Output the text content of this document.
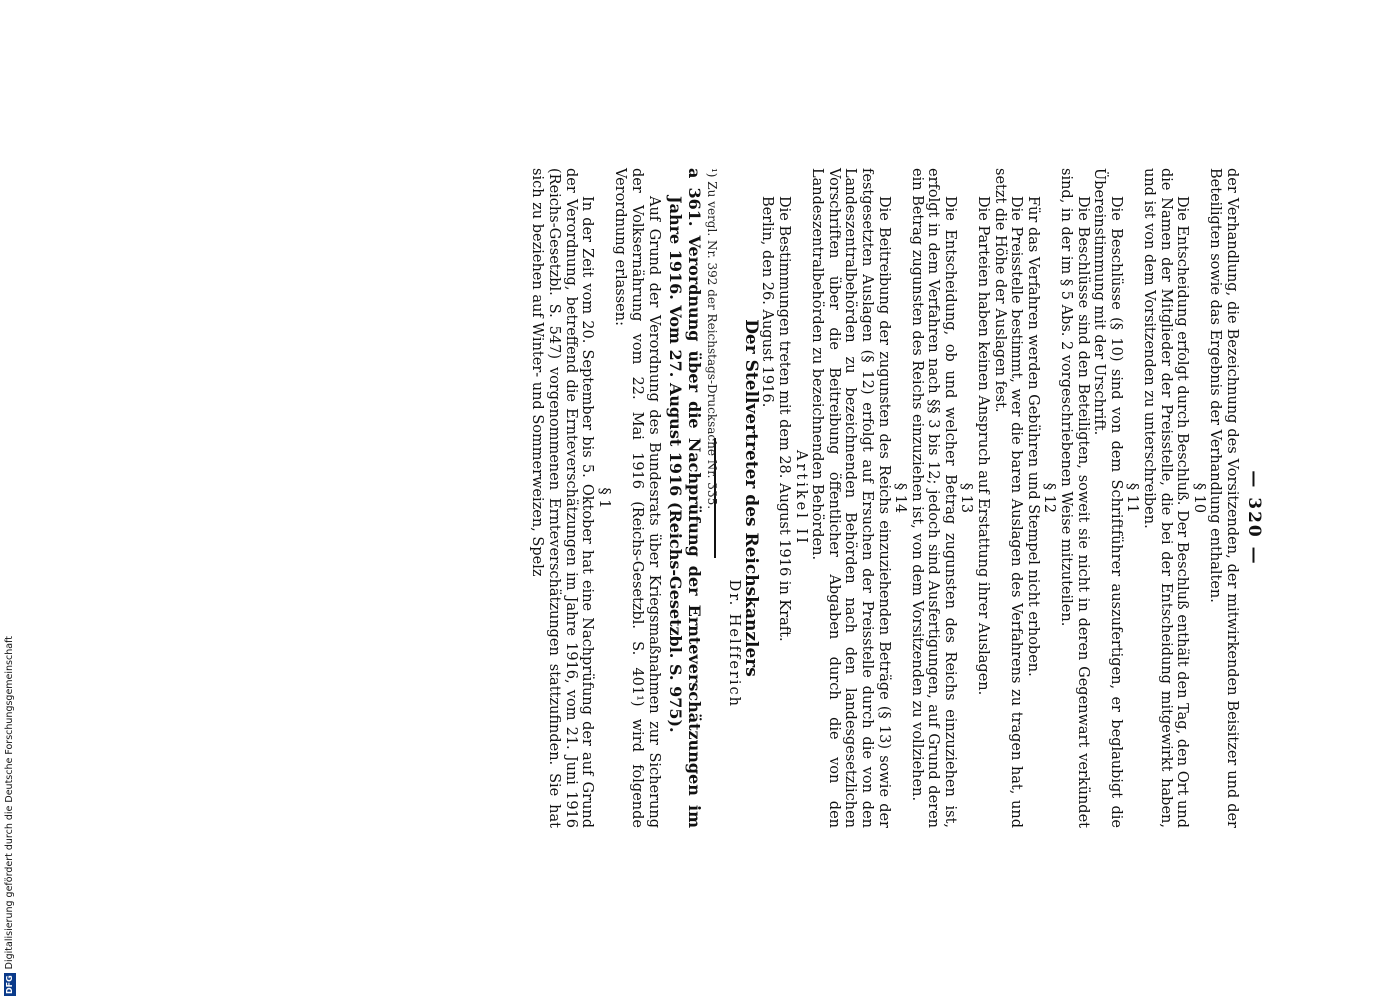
DFGDigitalisierung gefördert durch die Deutsche Forschungsgemeinschaft
— 320 —

der Verhandlung, die Bezeichnung des Vorsitzenden, der mitwirkenden Beisitzer und der Beteiligten sowie das Ergebnis der Verhandlung enthalten.

§ 10

Die Entscheidung erfolgt durch Beschluß. Der Beschluß enthält den Tag, den Ort und die Namen der Mitglieder der Preisstelle, die bei der Entscheidung mitgewirkt haben, und ist von dem Vorsitzenden zu unterschreiben.

§ 11

Die Beschlüsse (§ 10) sind von dem Schriftführer auszufertigen, er beglaubigt die Übereinstimmung mit der Urschrift.

Die Beschlüsse sind den Beteiligten, soweit sie nicht in deren Gegenwart verkündet sind, in der im § 5 Abs. 2 vorgeschriebenen Weise mitzuteilen.

§ 12

Für das Verfahren werden Gebühren und Stempel nicht erhoben.

Die Preisstelle bestimmt, wer die baren Auslagen des Verfahrens zu tragen hat, und setzt die Höhe der Auslagen fest.

Die Parteien haben keinen Anspruch auf Erstattung ihrer Auslagen.

§ 13

Die Entscheidung, ob und welcher Betrag zugunsten des Reichs einzuziehen ist, erfolgt in dem Verfahren nach §§ 3 bis 12; jedoch sind Ausfertigungen, auf Grund deren ein Betrag zugunsten des Reichs einzuziehen ist, von dem Vorsitzenden zu vollziehen.

§ 14

Die Beitreibung der zugunsten des Reichs einzuziehenden Beträge (§ 13) sowie der festgesetzten Auslagen (§ 12) erfolgt auf Ersuchen der Preisstelle durch die von den Landeszentralbehörden zu bezeichnenden Behörden nach den landesgesetzlichen Vorschriften über die Beitreibung öffentlicher Abgaben durch die von den Landeszentralbehörden zu bezeichnenden Behörden.

Artikel II

Die Bestimmungen treten mit dem 28. August 1916 in Kraft.

Berlin, den 26. August 1916.

Der Stellvertreter des Reichskanzlers

Dr. Helfferich

a 361. Verordnung über die Nachprüfung der Ernteverschätzungen im Jahre 1916. Vom 27. August 1916 (Reichs-Gesetzbl. S. 975).

Auf Grund der Verordnung des Bundesrats über Kriegsmaßnahmen zur Sicherung der Volksernährung vom 22. Mai 1916 (Reichs-Gesetzbl. S. 401¹) wird folgende Verordnung erlassen:

§ 1

In der Zeit vom 20. September bis 5. Oktober hat eine Nachprüfung der auf Grund der Verordnung, betreffend die Ernteverschätzungen im Jahre 1916, vom 21. Juni 1916 (Reichs-Gesetzbl. S. 547) vorgenommenen Ernteverschätzungen stattzufinden. Sie hat sich zu beziehen auf Winter- und Sommerweizen, Spelz	¹) Zu vergl. Nr. 392 der Reichstags-Drucksache Nr. 335.
